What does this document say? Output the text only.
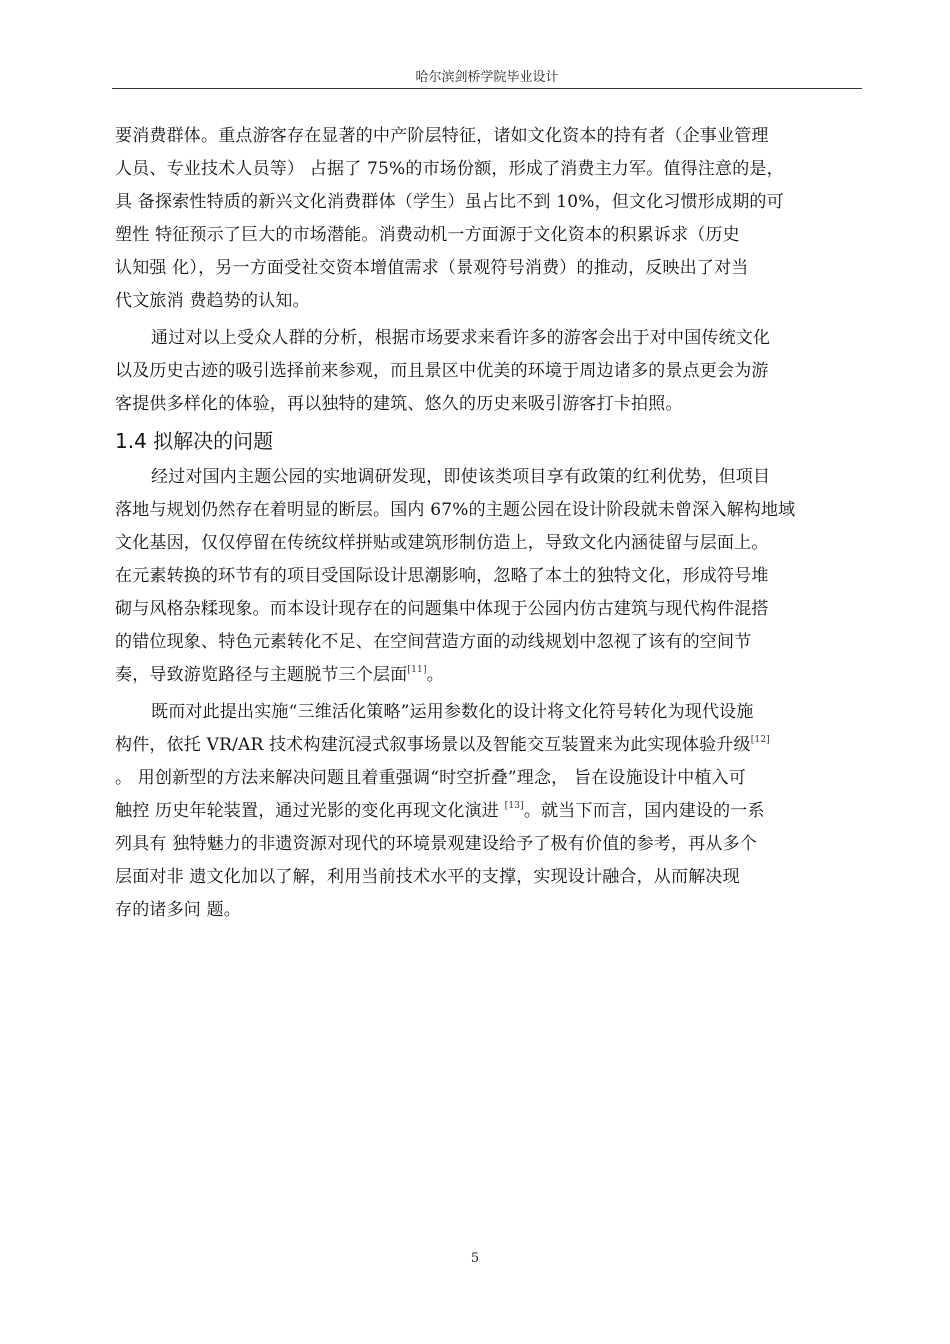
哈尔滨剑桥学院毕业设计
要消费群体。重点游客存在显著的中产阶层特征，诸如文化资本的持有者（企事业管理
人员、专业技术人员等） 占据了 75%的市场份额，形成了消费主力军。值得注意的是，
具 备探索性特质的新兴文化消费群体（学生）虽占比不到 10%，但文化习惯形成期的可
塑性 特征预示了巨大的市场潜能。消费动机一方面源于文化资本的积累诉求（历史
认知强 化），另一方面受社交资本增值需求（景观符号消费）的推动，反映出了对当
代文旅消 费趋势的认知。
通过对以上受众人群的分析，根据市场要求来看许多的游客会出于对中国传统文化
以及历史古迹的吸引选择前来参观，而且景区中优美的环境于周边诸多的景点更会为游
客提供多样化的体验，再以独特的建筑、悠久的历史来吸引游客打卡拍照。
1.4 拟解决的问题
经过对国内主题公园的实地调研发现，即使该类项目享有政策的红利优势，但项目
落地与规划仍然存在着明显的断层。国内 67%的主题公园在设计阶段就未曾深入解构地域
文化基因，仅仅停留在传统纹样拼贴或建筑形制仿造上，导致文化内涵徒留与层面上。
在元素转换的环节有的项目受国际设计思潮影响，忽略了本土的独特文化，形成符号堆
砌与风格杂糅现象。而本设计现存在的问题集中体现于公园内仿古建筑与现代构件混搭
的错位现象、特色元素转化不足、在空间营造方面的动线规划中忽视了该有的空间节
奏，导致游览路径与主题脱节三个层面[11]。
既而对此提出实施“三维活化策略”运用参数化的设计将文化符号转化为现代设施
构件，依托 VR/AR 技术构建沉浸式叙事场景以及智能交互装置来为此实现体验升级[12]
。 用创新型的方法来解决问题且着重强调“时空折叠”理念， 旨在设施设计中植入可
触控 历史年轮装置，通过光影的变化再现文化演进 [13]。就当下而言，国内建设的一系
列具有 独特魅力的非遗资源对现代的环境景观建设给予了极有价值的参考，再从多个
层面对非 遗文化加以了解，利用当前技术水平的支撑，实现设计融合，从而解决现
存的诸多问 题。
5
